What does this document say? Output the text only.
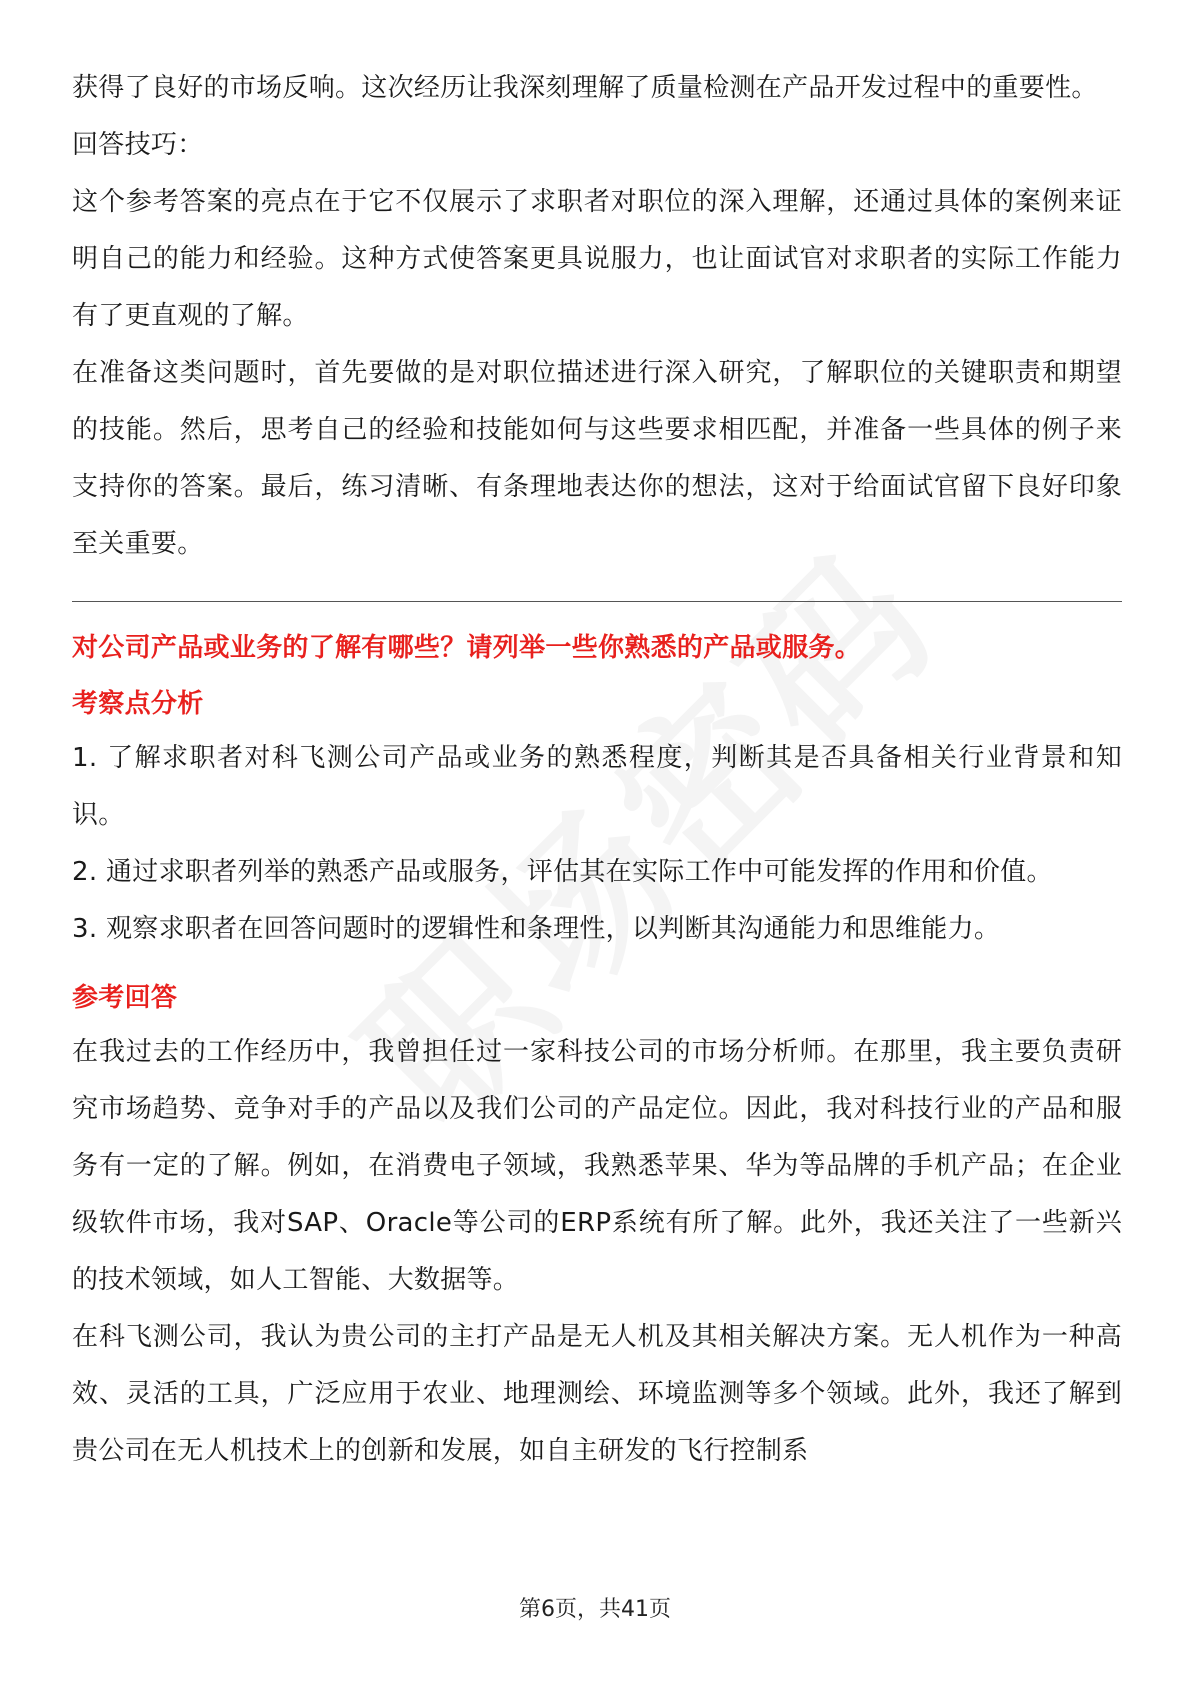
获得了良好的市场反响。这次经历让我深刻理解了质量检测在产品开发过程中的重要性。

回答技巧：

这个参考答案的亮点在于它不仅展示了求职者对职位的深入理解，还通过具体的案例来证明自己的能力和经验。这种方式使答案更具说服力，也让面试官对求职者的实际工作能力有了更直观的了解。

在准备这类问题时，首先要做的是对职位描述进行深入研究，了解职位的关键职责和期望的技能。然后，思考自己的经验和技能如何与这些要求相匹配，并准备一些具体的例子来支持你的答案。最后，练习清晰、有条理地表达你的想法，这对于给面试官留下良好印象至关重要。

对公司产品或业务的了解有哪些？请列举一些你熟悉的产品或服务。

考察点分析

1. 了解求职者对科飞测公司产品或业务的熟悉程度，判断其是否具备相关行业背景和知识。

2. 通过求职者列举的熟悉产品或服务，评估其在实际工作中可能发挥的作用和价值。

3. 观察求职者在回答问题时的逻辑性和条理性，以判断其沟通能力和思维能力。

参考回答

在我过去的工作经历中，我曾担任过一家科技公司的市场分析师。在那里，我主要负责研究市场趋势、竞争对手的产品以及我们公司的产品定位。因此，我对科技行业的产品和服务有一定的了解。例如，在消费电子领域，我熟悉苹果、华为等品牌的手机产品；在企业级软件市场，我对SAP、Oracle等公司的ERP系统有所了解。此外，我还关注了一些新兴的技术领域，如人工智能、大数据等。

在科飞测公司，我认为贵公司的主打产品是无人机及其相关解决方案。无人机作为一种高效、灵活的工具，广泛应用于农业、地理测绘、环境监测等多个领域。此外，我还了解到贵公司在无人机技术上的创新和发展，如自主研发的飞行控制系

第6页，共41页
